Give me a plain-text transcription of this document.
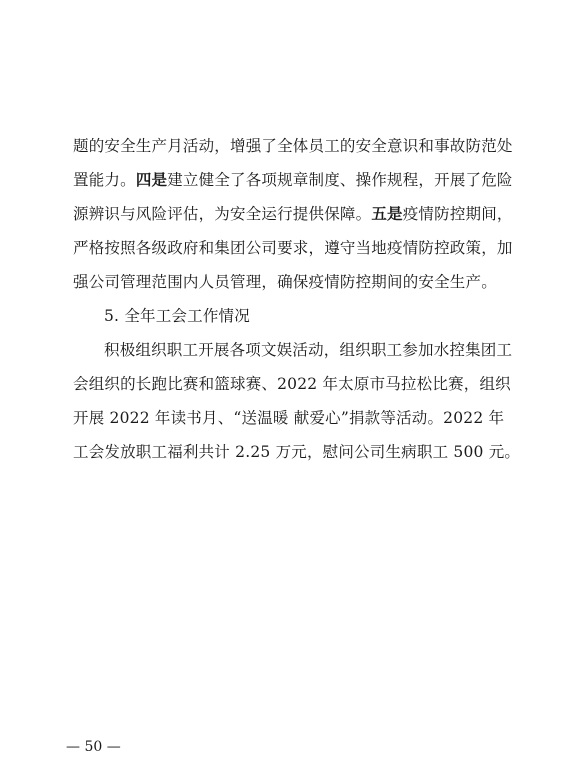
题的安全生产月活动，增强了全体员工的安全意识和事故防范处
置能力。四是建立健全了各项规章制度、操作规程，开展了危险
源辨识与风险评估，为安全运行提供保障。五是疫情防控期间，
严格按照各级政府和集团公司要求，遵守当地疫情防控政策，加
强公司管理范围内人员管理，确保疫情防控期间的安全生产。
5. 全年工会工作情况
积极组织职工开展各项文娱活动，组织职工参加水控集团工
会组织的长跑比赛和篮球赛、2022 年太原市马拉松比赛，组织
开展 2022 年读书月、“送温暖 献爱心”捐款等活动。2022 年
工会发放职工福利共计 2.25 万元，慰问公司生病职工 500 元。
— 50 —
